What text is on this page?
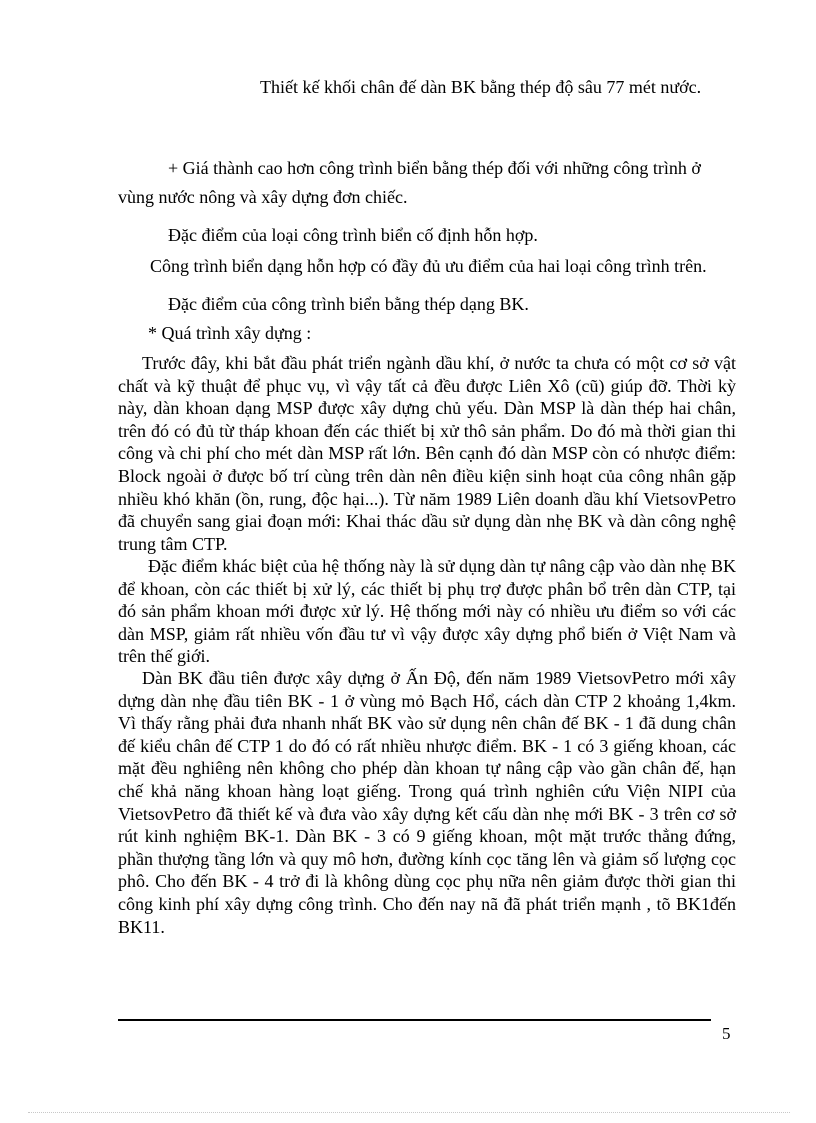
Thiết kế khối chân đế dàn BK bằng thép độ sâu 77 mét nước.
+ Giá thành cao hơn công trình biển bằng thép đối với những công trình ở
vùng nước nông và xây dựng đơn chiếc.
Đặc điểm của loại công trình biển cố định hỗn hợp.
Công trình biển dạng hỗn hợp có đầy đủ ưu điểm của hai loại công trình trên.
Đặc điểm của công trình biển bằng thép dạng BK.
* Quá trình xây dựng :
Trước đây, khi bắt đầu phát triển ngành dầu khí, ở nước ta chưa có một cơ sở vật chất và kỹ thuật để phục vụ, vì vậy tất cả đều được Liên Xô (cũ) giúp đỡ. Thời kỳ này, dàn khoan dạng MSP được xây dựng chủ yếu. Dàn MSP là dàn thép hai chân, trên đó có đủ từ tháp khoan đến các thiết bị xử thô sản phẩm. Do đó mà thời gian thi công và chi phí cho mét dàn MSP rất lớn. Bên cạnh đó dàn MSP còn có nhược điểm: Block ngoài ở được bố trí cùng trên dàn nên điều kiện sinh hoạt của công nhân gặp nhiều khó khăn (ồn, rung, độc hại...). Từ năm 1989 Liên doanh dầu khí VietsovPetro đã chuyển sang giai đoạn mới: Khai thác dầu sử dụng dàn nhẹ BK và dàn công nghệ trung tâm CTP.
Đặc điểm khác biệt của hệ thống này là sử dụng dàn tự nâng cập vào dàn nhẹ BK để khoan, còn các thiết bị xử lý, các thiết bị phụ trợ được phân bổ trên dàn CTP, tại đó sản phẩm khoan mới được xử lý. Hệ thống mới này có nhiều ưu điểm so với các dàn MSP, giảm rất nhiều vốn đầu tư vì vậy được xây dựng phổ biến ở Việt Nam và trên thế giới.
Dàn BK đầu tiên được xây dựng ở Ấn Độ, đến năm 1989 VietsovPetro mới xây dựng dàn nhẹ đầu tiên BK - 1 ở vùng mỏ Bạch Hổ, cách dàn CTP 2 khoảng 1,4km. Vì thấy rằng phải đưa nhanh nhất BK vào sử dụng nên chân đế BK - 1 đã dung chân đế kiểu chân đế CTP 1 do đó có rất nhiều nhược điểm. BK - 1 có 3 giếng khoan, các mặt đều nghiêng nên không cho phép dàn khoan tự nâng cập vào gần chân đế, hạn chế khả năng khoan hàng loạt giếng. Trong quá trình nghiên cứu Viện NIPI của VietsovPetro đã thiết kế và đưa vào xây dựng kết cấu dàn nhẹ mới BK - 3 trên cơ sở rút kinh nghiệm BK-1. Dàn BK - 3 có 9 giếng khoan, một mặt trước thẳng đứng, phần thượng tầng lớn và quy mô hơn, đường kính cọc tăng lên và giảm số lượng cọc phô. Cho đến BK - 4 trở đi là không dùng cọc phụ nữa nên giảm được thời gian thi công kinh phí xây dựng công trình. Cho đến nay nã đã phát triển mạnh , tõ BK1đến BK11.
5
